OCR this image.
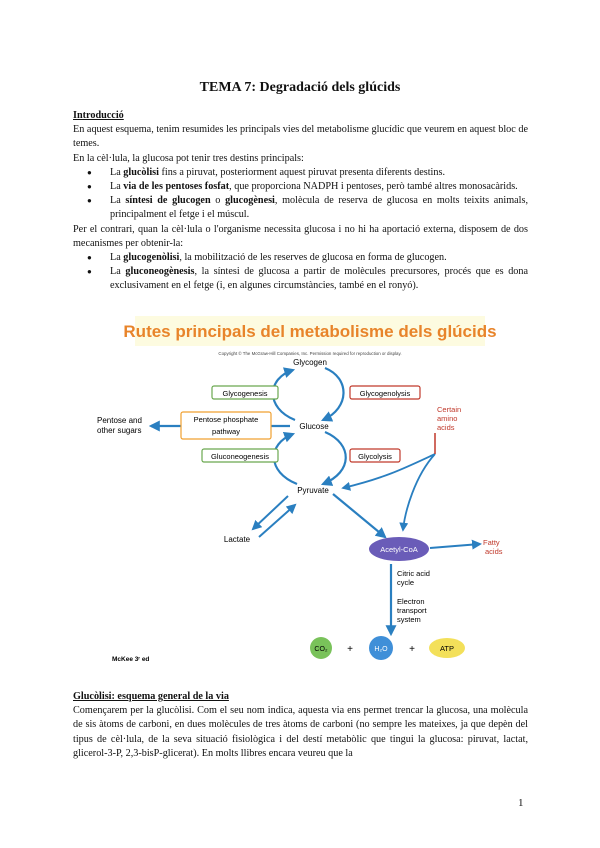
TEMA 7: Degradació dels glúcids
Introducció
En aquest esquema, tenim resumides les principals vies del metabolisme glucídic que veurem en aquest bloc de temes.
En la cèl·lula, la glucosa pot tenir tres destins principals:
● La glucòlisi fins a piruvat, posteriorment aquest piruvat presenta diferents destins.
● La via de les pentoses fosfat, que proporciona NADPH i pentoses, però també altres monosacàrids.
● La síntesi de glucogen o glucogènesi, molècula de reserva de glucosa en molts teixits animals, principalment el fetge i el múscul.
Per el contrari, quan la cèl·lula o l'organisme necessita glucosa i no hi ha aportació externa, disposem de dos mecanismes per obtenir-la:
● La glucogenòlisi, la mobilització de les reserves de glucosa en forma de glucogen.
● La gluconeogènesis, la síntesi de glucosa a partir de molècules precursores, procés que es dona exclusivament en el fetge (i, en algunes circumstàncies, també en el ronyó).
Rutes principals del metabolisme dels glúcids
Copyright © The McGraw-Hill Companies, Inc. Permission required for reproduction or display.
Glycogen
Glucose
Pyruvate
Lactate
Pentose and
other sugars
Glycogenesis	Glycogenolysis
Pentose phosphate
pathway
Gluconeogenesis	Glycolysis
Certain
amino
acids
Acetyl-CoA
Fatty
acids
Citric acid
cycle
Electron
transport
system
CO₂ +	H₂O +	ATP
McKee 3ʳ ed
Glucòlisi: esquema general de la via
Començarem per la glucòlisi. Com el seu nom indica, aquesta via ens permet trencar la glucosa, una molècula de sis àtoms de carboni, en dues molècules de tres àtoms de carboni (no sempre les mateixes, ja que depèn del tipus de cèl·lula, de la seva situació fisiològica i del destí metabòlic que tingui la glucosa: piruvat, lactat, glicerol-3-P, 2,3-bisP-glicerat). En molts llibres encara veureu que la
1
